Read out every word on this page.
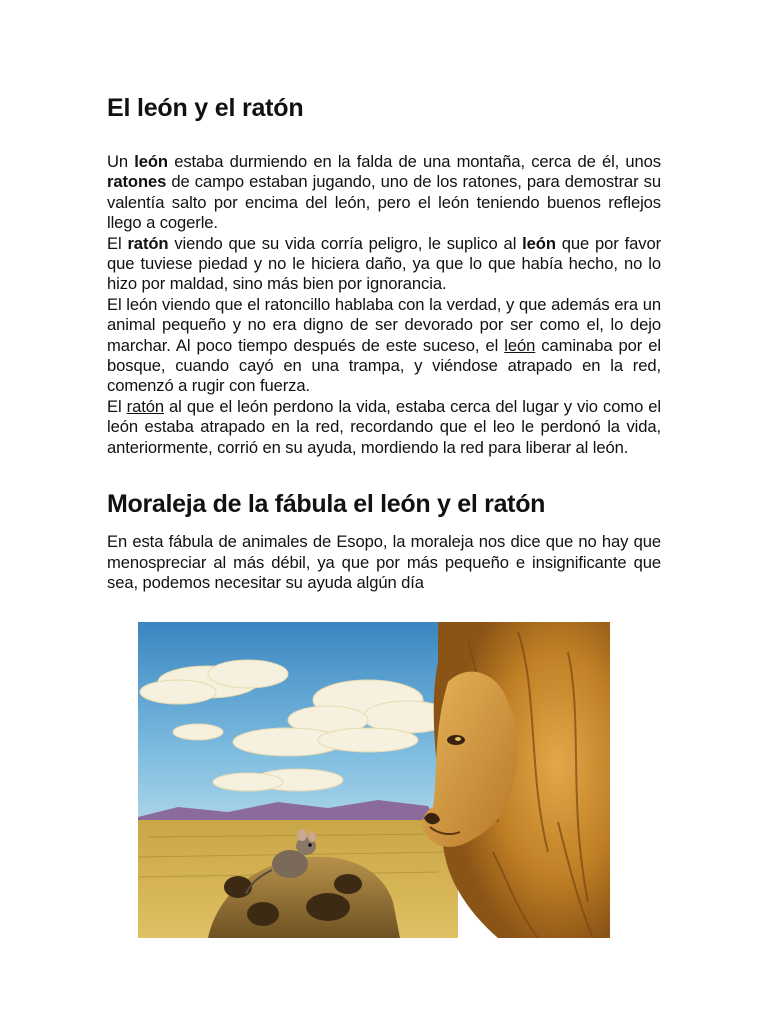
El león y el ratón

Un león estaba durmiendo en la falda de una montaña, cerca de él, unos ratones de campo estaban jugando, uno de los ratones, para demostrar su valentía salto por encima del león, pero el león teniendo buenos reflejos llego a cogerle.

El ratón viendo que su vida corría peligro, le suplico al león que por favor que tuviese piedad y no le hiciera daño, ya que lo que había hecho, no lo hizo por maldad, sino más bien por ignorancia.

El león viendo que el ratoncillo hablaba con la verdad, y que además era un animal pequeño y no era digno de ser devorado por ser como el, lo dejo marchar. Al poco tiempo después de este suceso, el león caminaba por el bosque, cuando cayó en una trampa, y viéndose atrapado en la red, comenzó a rugir con fuerza.

El ratón al que el león perdono la vida, estaba cerca del lugar y vio como el león estaba atrapado en la red, recordando que el leo le perdonó la vida, anteriormente, corrió en su ayuda, mordiendo la red para liberar al león.

Moraleja de la fábula el león y el ratón

En esta fábula de animales de Esopo, la moraleja nos dice que no hay que menospreciar al más débil, ya que por más pequeño e insignificante que sea, podemos necesitar su ayuda algún día
